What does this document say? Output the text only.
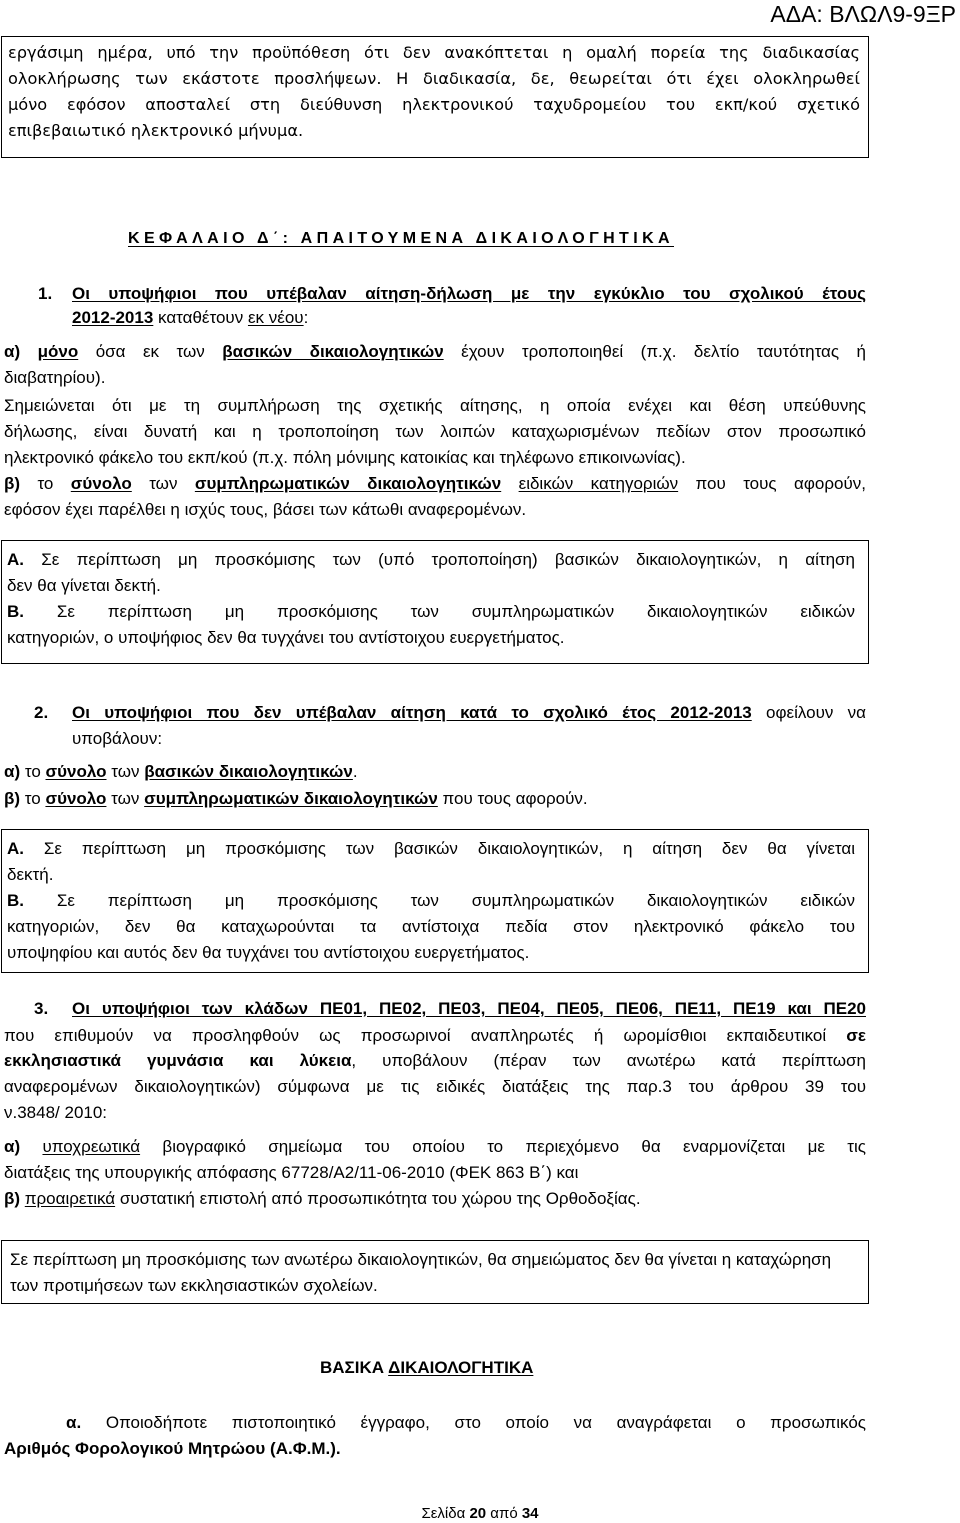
ΑΔΑ: ΒΛΩΛ9-9ΞΡ
εργάσιμη ημέρα, υπό την προϋπόθεση ότι δεν ανακόπτεται η ομαλή πορεία της διαδικασίας
ολοκλήρωσης των εκάστοτε προσλήψεων. Η διαδικασία, δε, θεωρείται ότι έχει ολοκληρωθεί
μόνο εφόσον αποσταλεί στη διεύθυνση ηλεκτρονικού ταχυδρομείου του εκπ/κού σχετικό
επιβεβαιωτικό ηλεκτρονικό μήνυμα.
ΚΕΦΑΛΑΙΟ Δ΄: ΑΠΑΙΤΟΥΜΕΝΑ ΔΙΚΑΙΟΛΟΓΗΤΙΚΑ
1. Οι υποψήφιοι που υπέβαλαν αίτηση-δήλωση με την εγκύκλιο του σχολικού έτους
2012-2013 καταθέτουν εκ νέου:
α) μόνο όσα εκ των βασικών δικαιολογητικών έχουν τροποποιηθεί (π.χ. δελτίο ταυτότητας ή
διαβατηρίου).
Σημειώνεται ότι με τη συμπλήρωση της σχετικής αίτησης, η οποία ενέχει και θέση υπεύθυνης
δήλωσης, είναι δυνατή και η τροποποίηση των λοιπών καταχωρισμένων πεδίων στον προσωπικό
ηλεκτρονικό φάκελο του εκπ/κού (π.χ. πόλη μόνιμης κατοικίας και τηλέφωνο επικοινωνίας).
β) το σύνολο των συμπληρωματικών δικαιολογητικών ειδικών κατηγοριών που τους αφορούν,
εφόσον έχει παρέλθει η ισχύς τους, βάσει των κάτωθι αναφερομένων.
Α. Σε περίπτωση μη προσκόμισης των (υπό τροποποίηση) βασικών δικαιολογητικών, η αίτηση
δεν θα γίνεται δεκτή.
Β. Σε περίπτωση μη προσκόμισης των συμπληρωματικών δικαιολογητικών ειδικών
κατηγοριών, ο υποψήφιος δεν θα τυγχάνει του αντίστοιχου ευεργετήματος.
2. Οι υποψήφιοι που δεν υπέβαλαν αίτηση κατά το σχολικό έτος 2012-2013 οφείλουν να
υποβάλουν:
α) το σύνολο των βασικών δικαιολογητικών.
β) το σύνολο των συμπληρωματικών δικαιολογητικών που τους αφορούν.
Α. Σε περίπτωση μη προσκόμισης των βασικών δικαιολογητικών, η αίτηση δεν θα γίνεται
δεκτή.
Β. Σε περίπτωση μη προσκόμισης των συμπληρωματικών δικαιολογητικών ειδικών
κατηγοριών, δεν θα καταχωρούνται τα αντίστοιχα πεδία στον ηλεκτρονικό φάκελο του
υποψηφίου και αυτός δεν θα τυγχάνει του αντίστοιχου ευεργετήματος.
3. Οι υποψήφιοι των κλάδων ΠΕ01, ΠΕ02, ΠΕ03, ΠΕ04, ΠΕ05, ΠΕ06, ΠΕ11, ΠΕ19 και ΠΕ20
που επιθυμούν να προσληφθούν ως προσωρινοί αναπληρωτές ή ωρομίσθιοι εκπαιδευτικοί σε
εκκλησιαστικά γυμνάσια και λύκεια, υποβάλουν (πέραν των ανωτέρω κατά περίπτωση
αναφερομένων δικαιολογητικών) σύμφωνα με τις ειδικές διατάξεις της παρ.3 του άρθρου 39 του
ν.3848/ 2010:
α) υποχρεωτικά βιογραφικό σημείωμα του οποίου το περιεχόμενο θα εναρμονίζεται με τις
διατάξεις της υπουργικής απόφασης 67728/Α2/11-06-2010 (ΦΕΚ 863 Β΄) και
β) προαιρετικά συστατική επιστολή από προσωπικότητα του χώρου της Ορθοδοξίας.
Σε περίπτωση μη προσκόμισης των ανωτέρω δικαιολογητικών, θα σημειώματος δεν θα γίνεται η καταχώρηση
των προτιμήσεων των εκκλησιαστικών σχολείων.
ΒΑΣΙΚΑ ΔΙΚΑΙΟΛΟΓΗΤΙΚΑ
α. Οποιοδήποτε πιστοποιητικό έγγραφο, στο οποίο να αναγράφεται ο προσωπικός
Αριθμός Φορολογικού Μητρώου (Α.Φ.Μ.).
Σελίδα 20 από 34
